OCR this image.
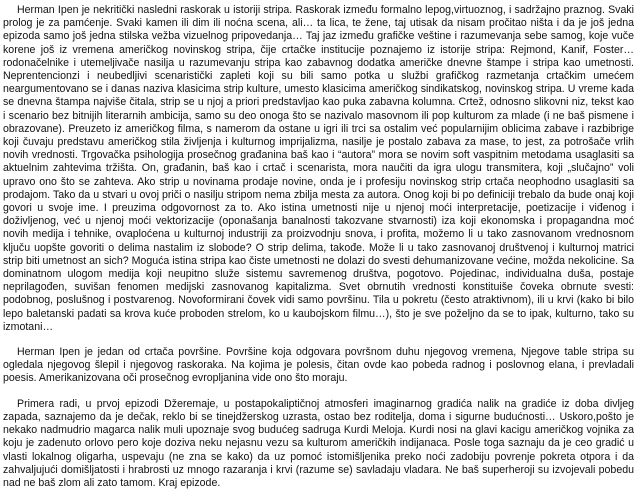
Herman Ipen je nekritički nasledni raskorak u istoriji stripa. Raskorak između formalno lepog,virtuoznog, i sadržajno praznog. Svaki prolog je za pamćenje. Svaki kamen ili dim ili noćna scena, ali… ta lica, te žene, taj utisak da nisam pročitao ništa i da je još jedna epizoda samo još jedna stilska vežba vizuelnog pripovedanja… Taj jaz između grafičke veštine i razumevanja sebe samog, koje vuče korene još iz vremena američkog novinskog stripa, čije crtačke institucije poznajemo iz istorije stripa: Rejmond, Kanif, Foster… rodonačelnike i utemeljivače nasilja u razumevanju stripa kao zabavnog dodatka američke dnevne štampe i stripa kao umetnosti. Neprentencionzi i neubedljivi scenaristički zapleti koji su bili samo potka u službi grafičkog razmetanja crtačkim umećem neargumentovano se i danas naziva klasicima strip kulture, umesto klasicima američkog sindikatskog, novinskog stripa. U vreme kada se dnevna štampa najviše čitala, strip se u njoj a priori predstavljao kao puka zabavna kolumna. Crtež, odnosno slikovni niz, tekst kao i scenario bez bitnijih literarnih ambicija, samo su deo onoga što se nazivalo masovnom ili pop kulturom za mlade (i ne baš pismene i obrazovane). Preuzeto iz američkog filma, s namerom da ostane u igri ili trci sa ostalim već popularnijim oblicima zabave i razbibrige koji čuvaju predstavu američkog stila življenja i kulturnog imprijalizma, nasilje je postalo zabava za mase, to jest, za potrošače vrlih novih vrednosti. Trgovačka psihologija prosečnog građanina baš kao i “autora” mora se novim soft vaspitnim metodama usaglasiti sa aktuelnim zahtevima tržišta. On, građanin, baš kao i crtač i scenarista, mora naučiti da igra ulogu transmitera, koji „slučajno” voli upravo ono što se zahteva. Ako strip u novinama prodaje novine, onda je i profesiju novinskog strip crtača neophodno usaglasiti sa prodajom. Tako da u stvari u ovoj priči o nasilju stripom nema zbilja mesta za autora. Onog koji bi po definiciji trebalo da bude onaj koji govori u svoje ime. I preuzima odgovornost za to. Ako istina umetnosti nije u njenoj moći interpretacije, poetizacije i viđenog i doživljenog, već u njenoj moći vektorizacije (oponašanja banalnosti takozvane stvarnosti) iza koji ekonomska i propagandna moć novih medija i tehnike, ovaploćena u kulturnoj industriji za proizvodnju snova, i profita, možemo li u tako zasnovanom vrednosnom ključu uopšte govoriti o delima nastalim iz slobode? O strip delima, takođe. Može li u tako zasnovanoj društvenoj i kulturnoj matrici strip biti umetnost an sich? Moguća istina stripa kao čiste umetnosti ne dolazi do svesti dehumanizovane većine, možda nekolicine. Sa dominatnom ulogom medija koji neupitno služe sistemu savremenog društva, pogotovo. Pojedinac, individualna duša, postaje neprilagođen, suvišan fenomen medijski zasnovanog kapitalizma. Svet obrnutih vrednosti konstituiše čoveka obrnute svesti: podobnog, poslušnog i postvarenog. Novoformirani čovek vidi samo površinu. Tila u pokretu (često atraktivnom), ili u krvi (kako bi bilo lepo baletanski padati sa krova kuće proboden strelom, ko u kaubojskom filmu…), što je sve poželjno da se to ipak, kulturno, tako su izmotani…

Herman Ipen je jedan od crtača površine. Površine koja odgovara površnom duhu njegovog vremena, Njegove table stripa su ogledala njegovog šlepil i njegovog raskoraka. Na kojima je polesis, čitan ovde kao pobeda radnog i poslovnog elana, i prevladali poesis. Amerikanizovana oči prosečnog evropljanina vide ono što moraju.

Primera radi, u prvoj epizodi Džeremaje, u postapokaliptičnoj atmosferi imaginarnog gradića nalik na gradiće iz doba divljeg zapada, saznajemo da je dečak, reklo bi se tinejdžerskog uzrasta, ostao bez roditelja, doma i sigurne budućnosti… Uskoro,pošto je nekako nadmudrio magarca nalik muli upoznaje svog budućeg sadruga Kurdi Meloja. Kurdi nosi na glavi kacigu američkog vojnika za koju je zadenuto orlovo pero koje doziva neku nejasnu vezu sa kulturom američkih indijanaca. Posle toga saznaju da je ceo gradić u vlasti lokalnog oligarha, uspevaju (ne zna se kako) da uz pomoć istomišljenika preko noći zadobiju povrenje pokreta otpora i da zahvaljujući domišljatosti i hrabrosti uz mnogo razaranja i krvi (razume se) savladaju vladara. Ne baš superheroji su izvojevali pobedu nad ne baš zlom ali zato tamom. Kraj epizode.
